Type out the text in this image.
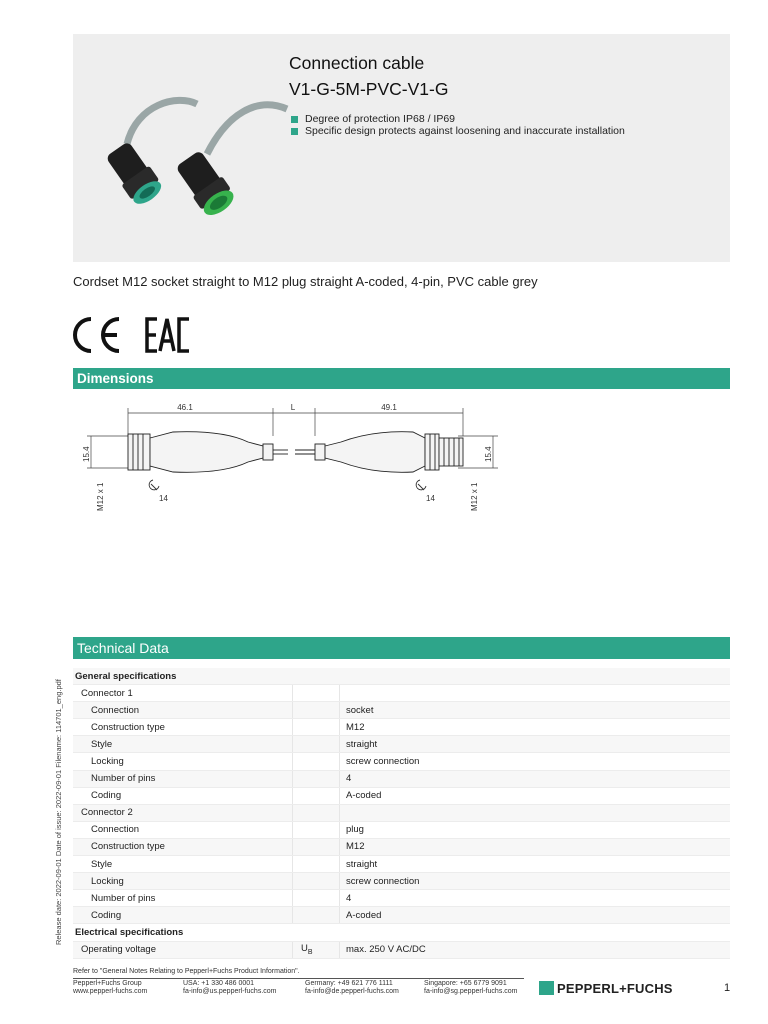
Connection cable
V1-G-5M-PVC-V1-G
Degree of protection IP68 / IP69
Specific design protects against loosening and inaccurate installation
Cordset M12 socket straight to M12 plug straight A-coded, 4-pin, PVC cable grey
Dimensions
46.1	L	49.1
14	14
15.4
M12 x 1
15.4
M12 x 1
Technical Data
Release date: 2022-09-01 Date of issue: 2022-09-01 Filename: 114701_eng.pdf
General specifications		

Connector 1		

Connection		socket

Construction type		M12

Style		straight

Locking		screw connection

Number of pins		4

Coding		A-coded

Connector 2		

Connection		plug

Construction type		M12

Style		straight

Locking		screw connection

Number of pins		4

Coding		A-coded

Electrical specifications		

Operating voltage	$U_B$	max. 250 V AC/DC
Refer to "General Notes Relating to Pepperl+Fuchs Product Information".
Pepperl+Fuchs Group
www.pepperl-fuchs.com
USA: +1 330 486 0001
fa-info@us.pepperl-fuchs.com
Germany: +49 621 776 1111
fa-info@de.pepperl-fuchs.com
Singapore: +65 6779 9091
fa-info@sg.pepperl-fuchs.com	PEPPERL+FUCHS	1
